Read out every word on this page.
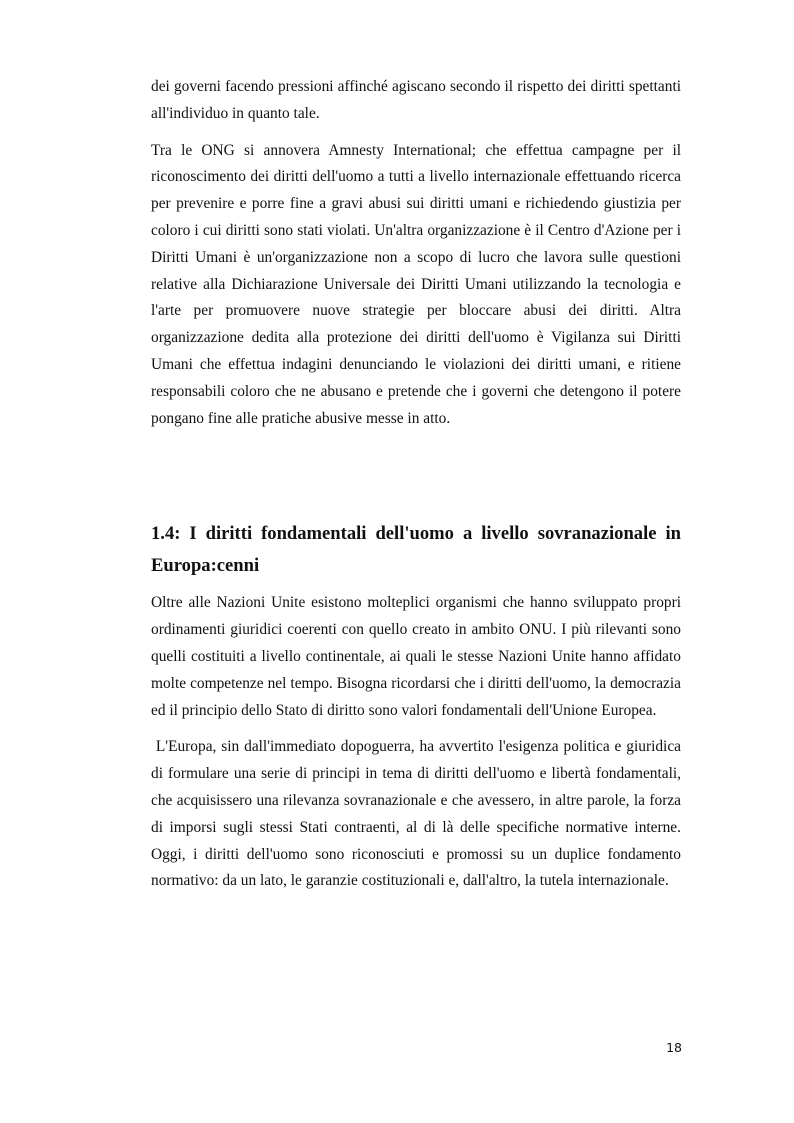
dei governi facendo pressioni affinché agiscano secondo il rispetto dei diritti spettanti all'individuo in quanto tale.

Tra le ONG si annovera Amnesty International; che effettua campagne per il riconoscimento dei diritti dell'uomo a tutti a livello internazionale effettuando ricerca per prevenire e porre fine a gravi abusi sui diritti umani e richiedendo giustizia per coloro i cui diritti sono stati violati. Un'altra organizzazione è il Centro d'Azione per i Diritti Umani è un'organizzazione non a scopo di lucro che lavora sulle questioni relative alla Dichiarazione Universale dei Diritti Umani utilizzando la tecnologia e l'arte per promuovere nuove strategie per bloccare abusi dei diritti. Altra organizzazione dedita alla protezione dei diritti dell'uomo è Vigilanza sui Diritti Umani che effettua indagini denunciando le violazioni dei diritti umani, e ritiene responsabili coloro che ne abusano e pretende che i governi che detengono il potere pongano fine alle pratiche abusive messe in atto.

1.4: I diritti fondamentali dell'uomo a livello sovranazionale in Europa:cenni

Oltre alle Nazioni Unite esistono molteplici organismi che hanno sviluppato propri ordinamenti giuridici coerenti con quello creato in ambito ONU. I più rilevanti sono quelli costituiti a livello continentale, ai quali le stesse Nazioni Unite hanno affidato molte competenze nel tempo. Bisogna ricordarsi che i diritti dell'uomo, la democrazia ed il principio dello Stato di diritto sono valori fondamentali dell'Unione Europea.

L'Europa, sin dall'immediato dopoguerra, ha avvertito l'esigenza politica e giuridica di formulare una serie di principi in tema di diritti dell'uomo e libertà fondamentali, che acquisissero una rilevanza sovranazionale e che avessero, in altre parole, la forza di imporsi sugli stessi Stati contraenti, al di là delle specifiche normative interne. Oggi, i diritti dell'uomo sono riconosciuti e promossi su un duplice fondamento normativo: da un lato, le garanzie costituzionali e, dall'altro, la tutela internazionale.

18
